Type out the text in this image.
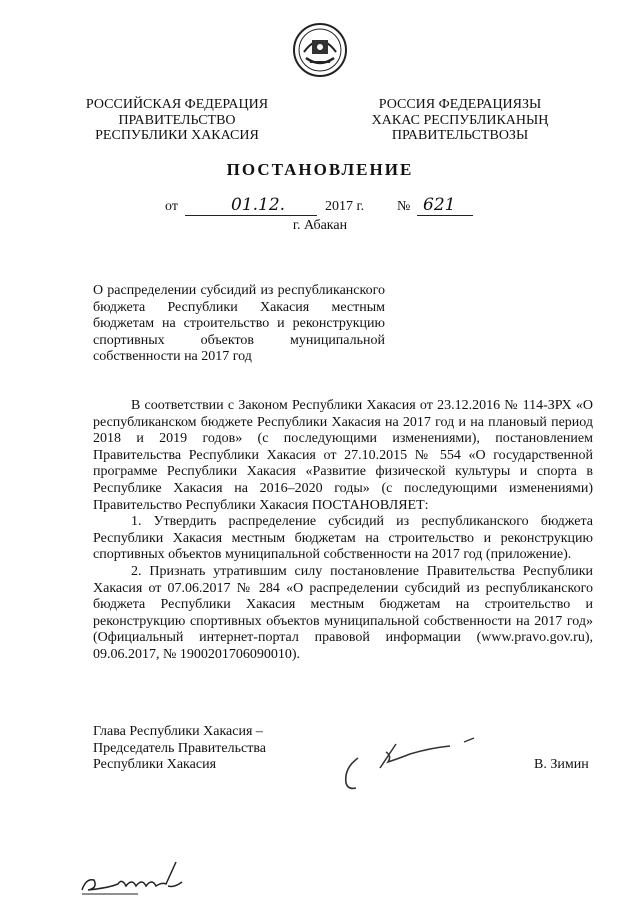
РОССИЙСКАЯ ФЕДЕРАЦИЯ
ПРАВИТЕЛЬСТВО
РЕСПУБЛИКИ ХАКАСИЯ
РОССИЯ ФЕДЕРАЦИЯЗЫ
ХАКАС РЕСПУБЛИКАНЫҢ
ПРАВИТЕЛЬСТВОЗЫ
ПОСТАНОВЛЕНИЕ
от	01.12.	2017 г. № 621
г. Абакан
О распределении субсидий из республиканского бюджета Республики Хакасия местным бюджетам на строительство и реконструкцию спортивных объектов муниципальной собственности на 2017 год

В соответствии с Законом Республики Хакасия от 23.12.2016 № 114-ЗРХ «О республиканском бюджете Республики Хакасия на 2017 год и на плановый период 2018 и 2019 годов» (с последующими изменениями), постановлением Правительства Республики Хакасия от 27.10.2015 № 554 «О государственной программе Республики Хакасия «Развитие физической культуры и спорта в Республике Хакасия на 2016–2020 годы» (с последующими изменениями) Правительство Республики Хакасия ПОСТАНОВЛЯЕТ:

1. Утвердить распределение субсидий из республиканского бюджета Республики Хакасия местным бюджетам на строительство и реконструкцию спортивных объектов муниципальной собственности на 2017 год (приложение).

2. Признать утратившим силу постановление Правительства Республики Хакасия от 07.06.2017 № 284 «О распределении субсидий из республиканского бюджета Республики Хакасия местным бюджетам на строительство и реконструкцию спортивных объектов муниципальной собственности на 2017 год» (Официальный интернет-портал правовой информации (www.pravo.gov.ru), 09.06.2017, № 1900201706090010).

Глава Республики Хакасия –
Председатель Правительства
Республики Хакасия	В. Зимин
